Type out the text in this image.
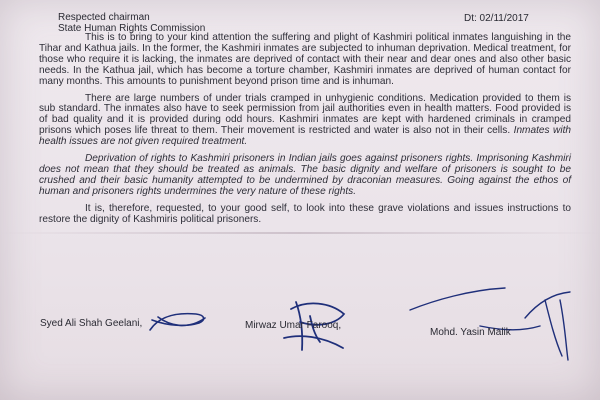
Respected chairman
State Human Rights Commission
Dt: 02/11/2017

This is to bring to your kind attention the suffering and plight of Kashmiri political inmates languishing in the Tihar and Kathua jails. In the former, the Kashmiri inmates are subjected to inhuman deprivation. Medical treatment, for those who require it is lacking, the inmates are deprived of contact with their near and dear ones and also other basic needs. In the Kathua jail, which has become a torture chamber, Kashmiri inmates are deprived of human contact for many months. This amounts to punishment beyond prison time and is inhuman.

There are large numbers of under trials cramped in unhygienic conditions. Medication provided to them is sub standard. The inmates also have to seek permission from jail authorities even in health matters. Food provided is of bad quality and it is provided during odd hours. Kashmiri inmates are kept with hardened criminals in cramped prisons which poses life threat to them. Their movement is restricted and water is also not in their cells. Inmates with health issues are not given required treatment.

Deprivation of rights to Kashmiri prisoners in Indian jails goes against prisoners rights. Imprisoning Kashmiri does not mean that they should be treated as animals. The basic dignity and welfare of prisoners is sought to be crushed and their basic humanity attempted to be undermined by draconian measures. Going against the ethos of human and prisoners rights undermines the very nature of these rights.

It is, therefore, requested, to your good self, to look into these grave violations and issues instructions to restore the dignity of Kashmiris political prisoners.

Syed Ali Shah Geelani,	Mirwaz Umar Farooq,
Mohd. Yasin Malik
